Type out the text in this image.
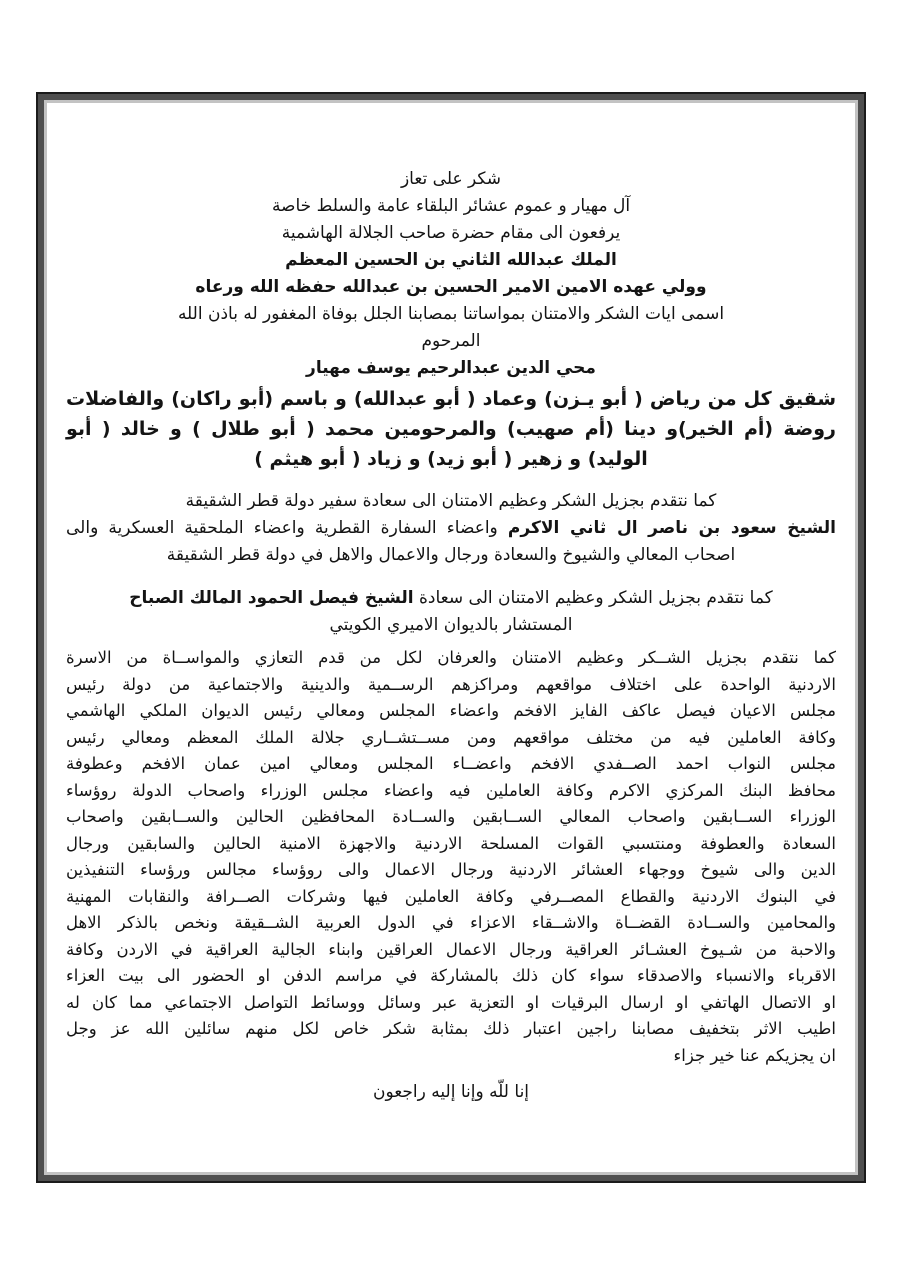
شكر على تعاز
آل مهيار و عموم عشائر البلقاء عامة والسلط خاصة
يرفعون الى مقام حضرة صاحب الجلالة الهاشمية
الملك عبدالله الثاني بن الحسين المعظم
وولي عهده الامين الامير الحسين بن عبدالله حفظه الله ورعاه
اسمى ايات الشكر والامتنان بمواساتنا بمصابنا الجلل بوفاة المغفور له باذن الله
المرحوم
محي الدين عبدالرحيم يوسف مهيار
شقيق كل من رياض ( أبو يـزن) وعماد ( أبو عبدالله) و باسم (أبو راكان) والفاضلات روضة (أم الخير)و دينا (أم صهيب) والمرحومين محمد ( أبو طلال ) و خالد ( أبو الوليد) و زهير ( أبو زيد) و زياد ( أبو هيثم )
كما نتقدم بجزيل الشكر وعظيم الامتنان الى سعادة سفير دولة قطر الشقيقة
الشيخ سعود بن ناصر ال ثاني الاكرم واعضاء السفارة القطرية واعضاء الملحقية العسكرية والى
اصحاب المعالي والشيوخ والسعادة ورجال والاعمال والاهل في دولة قطر الشقيقة
كما نتقدم بجزيل الشكر وعظيم الامتنان الى سعادة الشيخ فيصل الحمود المالك الصباح
المستشار بالديوان الاميري الكويتي
كما نتقدم بجزيل الشــكر وعظيم الامتنان والعرفان لكل من قدم التعازي والمواســاة من الاسرة
الاردنية الواحدة على اختلاف مواقعهم ومراكزهم الرســمية والدينية والاجتماعية من دولة رئيس
مجلس الاعيان فيصل عاكف الفايز الافخم واعضاء المجلس ومعالي رئيس الديوان الملكي الهاشمي
وكافة العاملين فيه من مختلف مواقعهم ومن مســتشــاري جلالة الملك المعظم ومعالي رئيس
مجلس النواب احمد الصــفدي الافخم واعضــاء المجلس ومعالي امين عمان الافخم وعطوفة
محافظ البنك المركزي الاكرم وكافة العاملين فيه واعضاء مجلس الوزراء واصحاب الدولة روؤساء
الوزراء الســابقين واصحاب المعالي الســابقين والســادة المحافظين الحالين والســابقين واصحاب
السعادة والعطوفة ومنتسبي القوات المسلحة الاردنية والاجهزة الامنية الحالين والسابقين ورجال
الدين والى شيوخ ووجهاء العشائر الاردنية ورجال الاعمال والى روؤساء مجالس ورؤساء التنفيذين
في البنوك الاردنية والقطاع المصــرفي وكافة العاملين فيها وشركات الصــرافة والنقابات المهنية
والمحامين والســادة القضــاة والاشــقاء الاعزاء في الدول العربية الشــقيقة ونخص بالذكر الاهل
والاحبة من شـيوخ العشـائر العراقية ورجال الاعمال العراقين وابناء الجالية العراقية في الاردن وكافة
الاقرباء والانسباء والاصدقاء سواء كان ذلك بالمشاركة في مراسم الدفن او الحضور الى بيت العزاء
او الاتصال الهاتفي او ارسال البرقيات او التعزية عبر وسائل ووسائط التواصل الاجتماعي مما كان له
اطيب الاثر بتخفيف مصابنا راجين اعتبار ذلك بمثابة شكر خاص لكل منهم سائلين الله عز وجل
ان يجزيكم عنا خير جزاء
إنا للّه وإنا إليه راجعون
